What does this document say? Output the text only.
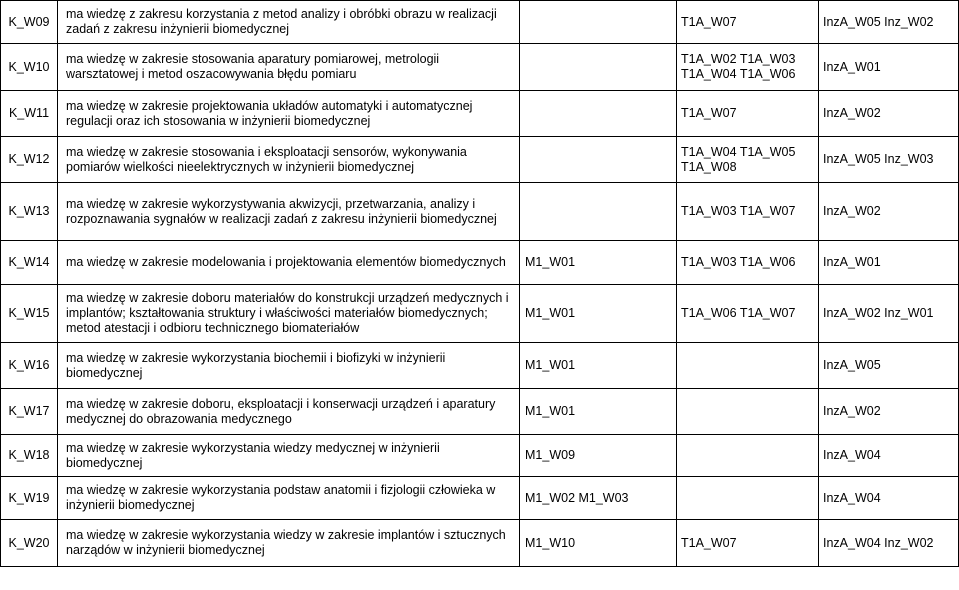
K_W09	ma wiedzę z zakresu korzystania z metod analizy i obróbki obrazu w realizacji zadań z zakresu inżynierii biomedycznej		T1A_W07	InzA_W05 Inz_W02
K_W10	ma wiedzę w zakresie stosowania aparatury pomiarowej, metrologii warsztatowej i metod oszacowywania błędu pomiaru		T1A_W02 T1A_W03 T1A_W04 T1A_W06	InzA_W01
K_W11	ma wiedzę w zakresie projektowania układów automatyki i automatycznej regulacji oraz ich stosowania w inżynierii biomedycznej		T1A_W07	InzA_W02
K_W12	ma wiedzę w zakresie stosowania i eksploatacji sensorów, wykonywania pomiarów wielkości nieelektrycznych w inżynierii biomedycznej		T1A_W04 T1A_W05 T1A_W08	InzA_W05 Inz_W03
K_W13	ma wiedzę w zakresie wykorzystywania akwizycji, przetwarzania, analizy i rozpoznawania sygnałów w realizacji zadań z zakresu inżynierii biomedycznej		T1A_W03 T1A_W07	InzA_W02
K_W14	ma wiedzę w zakresie modelowania i projektowania elementów biomedycznych	M1_W01	T1A_W03 T1A_W06	InzA_W01
K_W15	ma wiedzę w zakresie doboru materiałów do konstrukcji urządzeń medycznych i implantów; kształtowania struktury i właściwości materiałów biomedycznych; metod atestacji i odbioru technicznego biomateriałów	M1_W01	T1A_W06 T1A_W07	InzA_W02 Inz_W01
K_W16	ma wiedzę w zakresie wykorzystania biochemii i biofizyki w inżynierii biomedycznej	M1_W01		InzA_W05
K_W17	ma wiedzę w zakresie doboru, eksploatacji i konserwacji urządzeń i aparatury medycznej do obrazowania medycznego	M1_W01		InzA_W02
K_W18	ma wiedzę w zakresie wykorzystania wiedzy medycznej w inżynierii biomedycznej	M1_W09		InzA_W04
K_W19	ma wiedzę w zakresie wykorzystania podstaw anatomii i fizjologii człowieka w inżynierii biomedycznej	M1_W02 M1_W03		InzA_W04
K_W20	ma wiedzę w zakresie wykorzystania wiedzy w zakresie implantów i sztucznych narządów w inżynierii biomedycznej	M1_W10	T1A_W07	InzA_W04 Inz_W02
